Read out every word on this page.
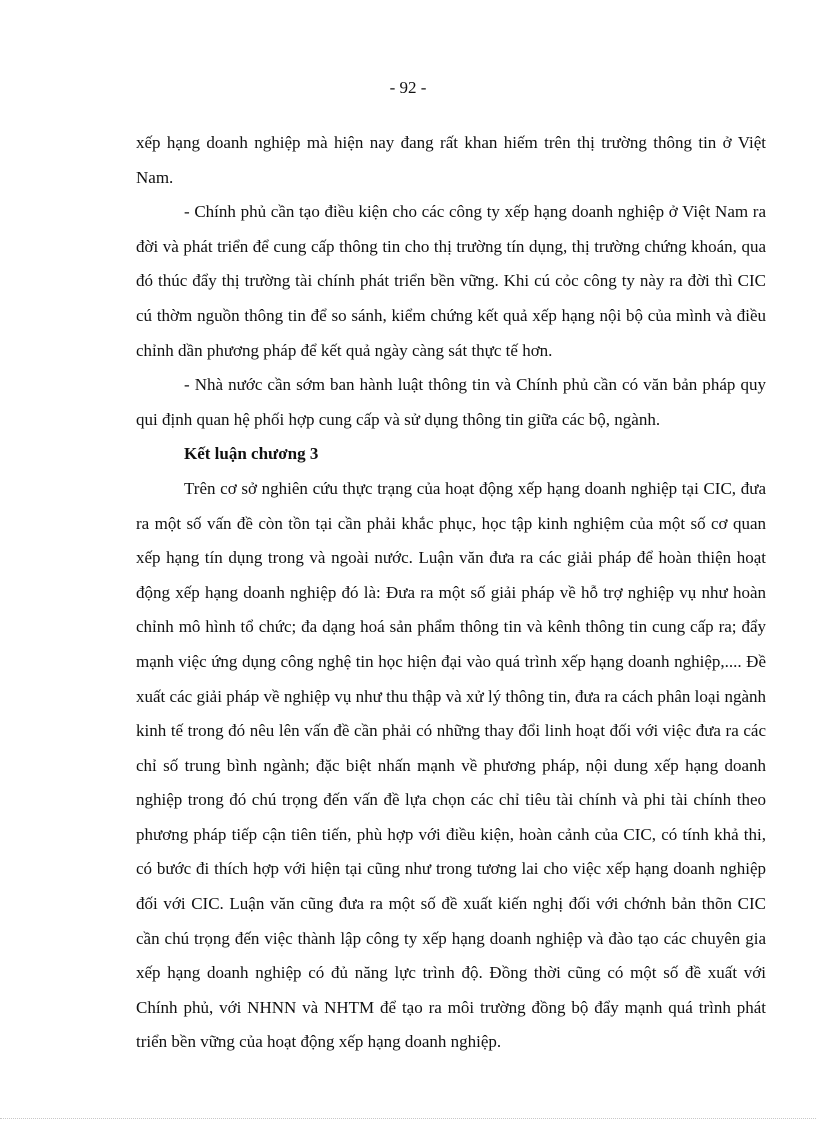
- 92 -

xếp hạng doanh nghiệp mà hiện nay đang rất khan hiếm trên thị trường thông tin ở Việt Nam.

- Chính phủ cần tạo điều kiện cho các công ty xếp hạng doanh nghiệp ở Việt Nam ra đời và phát triển để cung cấp thông tin cho thị trường tín dụng, thị trường chứng khoán, qua đó thúc đẩy thị trường tài chính phát triển bền vững. Khi cú cỏc công ty này ra đời thì CIC cú thờm nguồn thông tin để so sánh, kiểm chứng kết quả xếp hạng nội bộ của mình và điều chỉnh dần phương pháp để kết quả ngày càng sát thực tế hơn.

- Nhà nước cần sớm ban hành luật thông tin và Chính phủ cần có văn bản pháp quy qui định quan hệ phối hợp cung cấp và sử dụng thông tin giữa các bộ, ngành.

Kết luận chương 3

Trên cơ sở nghiên cứu thực trạng của hoạt động xếp hạng doanh nghiệp tại CIC, đưa ra một số vấn đề còn tồn tại cần phải khắc phục, học tập kinh nghiệm của một số cơ quan xếp hạng tín dụng trong và ngoài nước. Luận văn đưa ra các giải pháp để hoàn thiện hoạt động xếp hạng doanh nghiệp đó là: Đưa ra một số giải pháp về hỗ trợ nghiệp vụ như hoàn chỉnh mô hình tổ chức; đa dạng hoá sản phẩm thông tin và kênh thông tin cung cấp ra; đẩy mạnh việc ứng dụng công nghệ tin học hiện đại vào quá trình xếp hạng doanh nghiệp,.... Đề xuất các giải pháp về nghiệp vụ như thu thập và xử lý thông tin, đưa ra cách phân loại ngành kinh tế trong đó nêu lên vấn đề cần phải có những thay đổi linh hoạt đối với việc đưa ra các chỉ số trung bình ngành; đặc biệt nhấn mạnh về phương pháp, nội dung xếp hạng doanh nghiệp trong đó chú trọng đến vấn đề lựa chọn các chỉ tiêu tài chính và phi tài chính theo phương pháp tiếp cận tiên tiến, phù hợp với điều kiện, hoàn cảnh của CIC, có tính khả thi, có bước đi thích hợp với hiện tại cũng như trong tương lai cho việc xếp hạng doanh nghiệp đối với CIC. Luận văn cũng đưa ra một số đề xuất kiến nghị đối với chớnh bản thõn CIC cần chú trọng đến việc thành lập công ty xếp hạng doanh nghiệp và đào tạo các chuyên gia xếp hạng doanh nghiệp có đủ năng lực trình độ. Đồng thời cũng có một số đề xuất với Chính phủ, với NHNN và NHTM để tạo ra môi trường đồng bộ đẩy mạnh quá trình phát triển bền vững của hoạt động xếp hạng doanh nghiệp.
